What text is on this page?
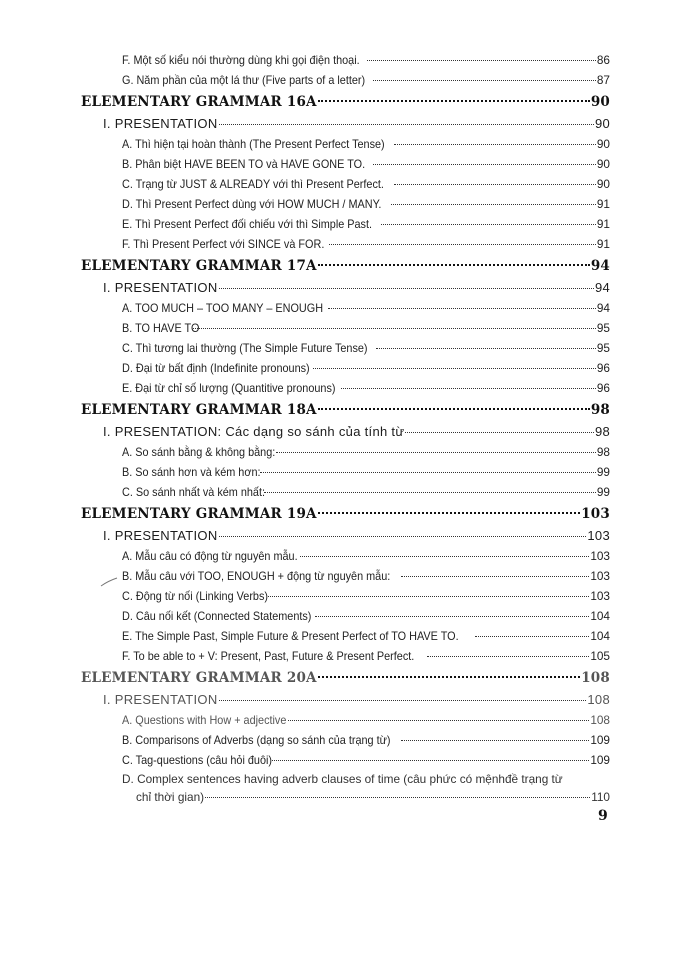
F. Một số kiểu nói thường dùng khi gọi điện thoại.	86
G. Năm phần của một lá thư (Five parts of a letter)	87
ELEMENTARY GRAMMAR 16A	90
I. PRESENTATION	90
A. Thì hiện tại hoàn thành (The Present Perfect Tense)	90
B. Phân biệt HAVE BEEN TO và HAVE GONE TO.	90
C. Trạng từ JUST & ALREADY với thì Present Perfect.	90
D. Thì Present Perfect dùng với HOW MUCH / MANY.	91
E. Thì Present Perfect đối chiếu với thì Simple Past.	91
F. Thì Present Perfect với SINCE và FOR.	91
ELEMENTARY GRAMMAR 17A	94
I. PRESENTATION	94
A. TOO MUCH – TOO MANY – ENOUGH	94
B. TO HAVE TO	95
C. Thì tương lai thường (The Simple Future Tense)	95
D. Đại từ bất định (Indefinite pronouns)	96
E. Đại từ chỉ số lượng (Quantitive pronouns)	96
ELEMENTARY GRAMMAR 18A	98
I. PRESENTATION: Các dạng so sánh của tính từ	98
A. So sánh bằng & không bằng:	98
B. So sánh hơn và kém hơn:	99
C. So sánh nhất và kém nhất:	99
ELEMENTARY GRAMMAR 19A	103
I. PRESENTATION	103
A. Mẫu câu có động từ nguyên mẫu.	103
B. Mẫu câu với TOO, ENOUGH + động từ nguyên mẫu:	103
C. Động từ nối (Linking Verbs)	103
D. Câu nối kết (Connected Statements)	104
E. The Simple Past, Simple Future & Present Perfect of TO HAVE TO.	104
F. To be able to + V: Present, Past, Future & Present Perfect.	105
ELEMENTARY GRAMMAR 20A	108
I. PRESENTATION	108
A. Questions with How + adjective	108
B. Comparisons of Adverbs (dạng so sánh của trạng từ)	109
C. Tag-questions (câu hỏi đuôi)	109
D. Complex sentences having adverb clauses of time (câu phức có mệnhđề trạng từ
chỉ thời gian)	110
9
